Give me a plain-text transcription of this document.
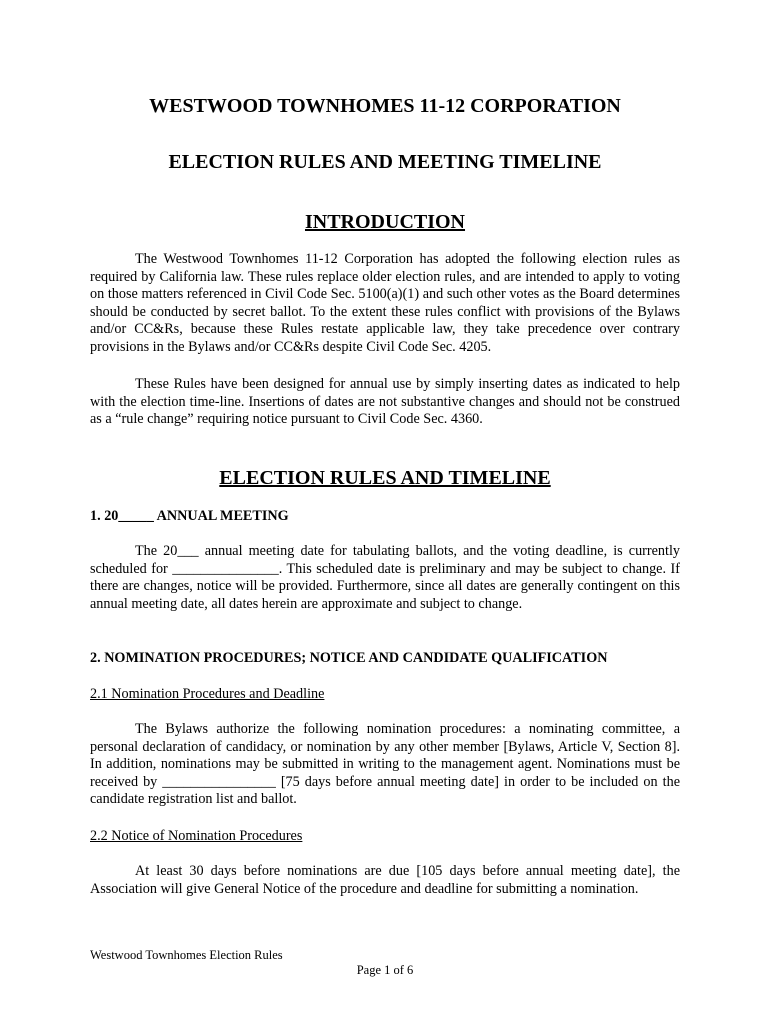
WESTWOOD TOWNHOMES 11-12 CORPORATION
ELECTION RULES AND MEETING TIMELINE
INTRODUCTION

The Westwood Townhomes 11-12 Corporation has adopted the following election rules as required by California law. These rules replace older election rules, and are intended to apply to voting on those matters referenced in Civil Code Sec. 5100(a)(1) and such other votes as the Board determines should be conducted by secret ballot. To the extent these rules conflict with provisions of the Bylaws and/or CC&Rs, because these Rules restate applicable law, they take precedence over contrary provisions in the Bylaws and/or CC&Rs despite Civil Code Sec. 4205.

These Rules have been designed for annual use by simply inserting dates as indicated to help with the election time-line. Insertions of dates are not substantive changes and should not be construed as a “rule change” requiring notice pursuant to Civil Code Sec. 4360.

ELECTION RULES AND TIMELINE
1. 20_____ ANNUAL MEETING

The 20___ annual meeting date for tabulating ballots, and the voting deadline, is currently scheduled for _______________. This scheduled date is preliminary and may be subject to change. If there are changes, notice will be provided. Furthermore, since all dates are generally contingent on this annual meeting date, all dates herein are approximate and subject to change.

2. NOMINATION PROCEDURES; NOTICE AND CANDIDATE QUALIFICATION
2.1 Nomination Procedures and Deadline

The Bylaws authorize the following nomination procedures: a nominating committee, a personal declaration of candidacy, or nomination by any other member [Bylaws, Article V, Section 8]. In addition, nominations may be submitted in writing to the management agent. Nominations must be received by ________________ [75 days before annual meeting date] in order to be included on the candidate registration list and ballot.

2.2 Notice of Nomination Procedures

At least 30 days before nominations are due [105 days before annual meeting date], the Association will give General Notice of the procedure and deadline for submitting a nomination.

Westwood Townhomes Election Rules
Page 1 of 6
